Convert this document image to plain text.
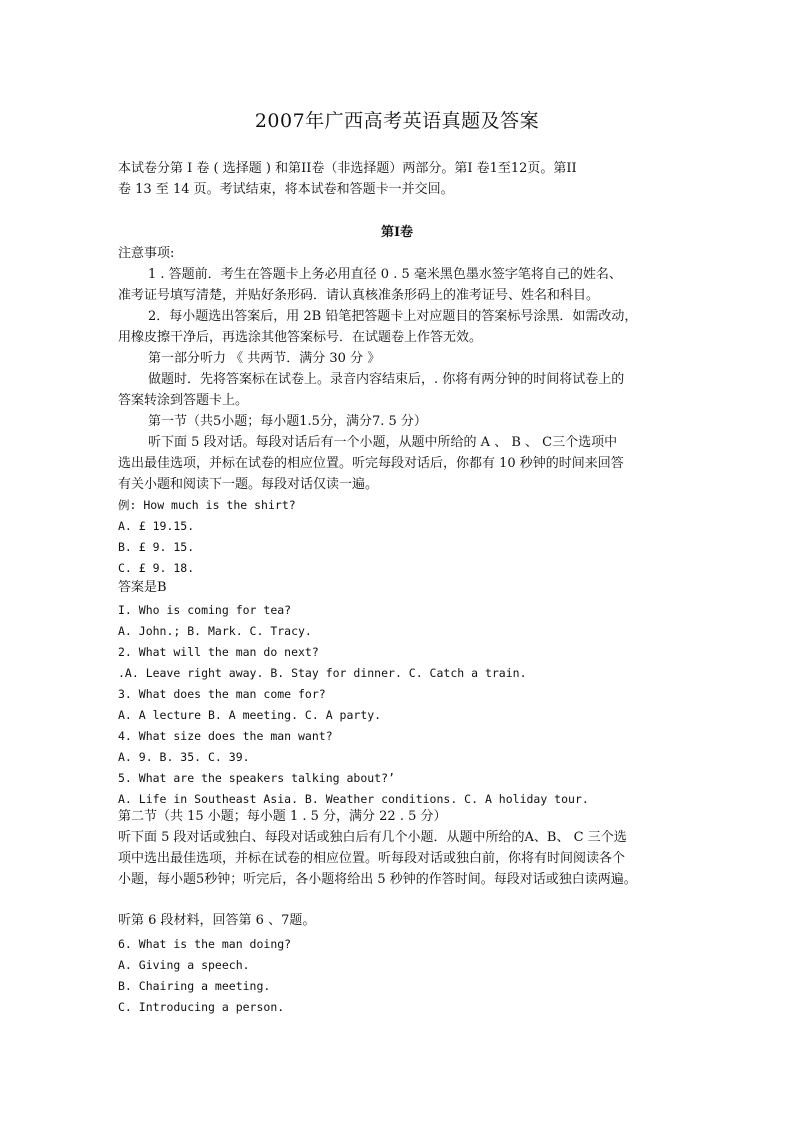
2007年广西高考英语真题及答案
本试卷分第 I 卷 ( 选择题 ) 和第II卷（非选择题）两部分。第I 卷1至12页。第II
卷 13 至 14 页。考试结束，将本试卷和答题卡一并交回。
第I卷
注意事项:
1 . 答题前．考生在答题卡上务必用直径 0 . 5 毫米黑色墨水签字笔将自己的姓名、
准考证号填写清楚，并贴好条形码．请认真核准条形码上的准考证号、姓名和科目。
2．每小题选出答案后，用 2B 铅笔把答题卡上对应题目的答案标号涂黑．如需改动，
用橡皮擦干净后，再选涂其他答案标号．在试题卷上作答无效。
第一部分听力 《 共两节．满分 30 分 》
做题时．先将答案标在试卷上。录音内容结束后，. 你将有两分钟的时间将试卷上的
答案转涂到答题卡上。
第一节（共5小题；每小题1.5分，满分7. 5 分）
听下面 5 段对话。每段对话后有一个小题，从题中所给的 A 、 B 、 C三个选项中
选出最佳选项，并标在试卷的相应位置。听完每段对话后，你都有 10 秒钟的时间来回答
有关小题和阅读下一题。每段对话仅读一遍。
例: How much is the shirt?
A. £ 19.15.
B. £ 9. 15.
C. £ 9. 18.
答案是B
I. Who is coming for tea?
A. John.; B. Mark. C. Tracy.
2. What will the man do next?
.A. Leave right away. B. Stay for dinner. C. Catch a train.
3. What does the man come for?
A. A lecture B. A meeting. C. A party.
4. What size does the man want?
A. 9. B. 35. C. 39.
5. What are the speakers talking about?’
A. Life in Southeast Asia. B. Weather conditions. C. A holiday tour.
第二节（共 15 小题；每小题 1 . 5 分，满分 22 . 5 分）
听下面 5 段对话或独白、每段对话或独白后有几个小题．从题中所给的A、B、 C 三个选
项中选出最佳选项，并标在试卷的相应位置。听每段对话或独白前，你将有时间阅读各个
小题，每小题5秒钟；听完后，各小题将给出 5 秒钟的作答时间。每段对话或独白读两遍。
听第 6 段材料，回答第 6 、7题。
6. What is the man doing?
A. Giving a speech.
B. Chairing a meeting.
C. Introducing a person.
